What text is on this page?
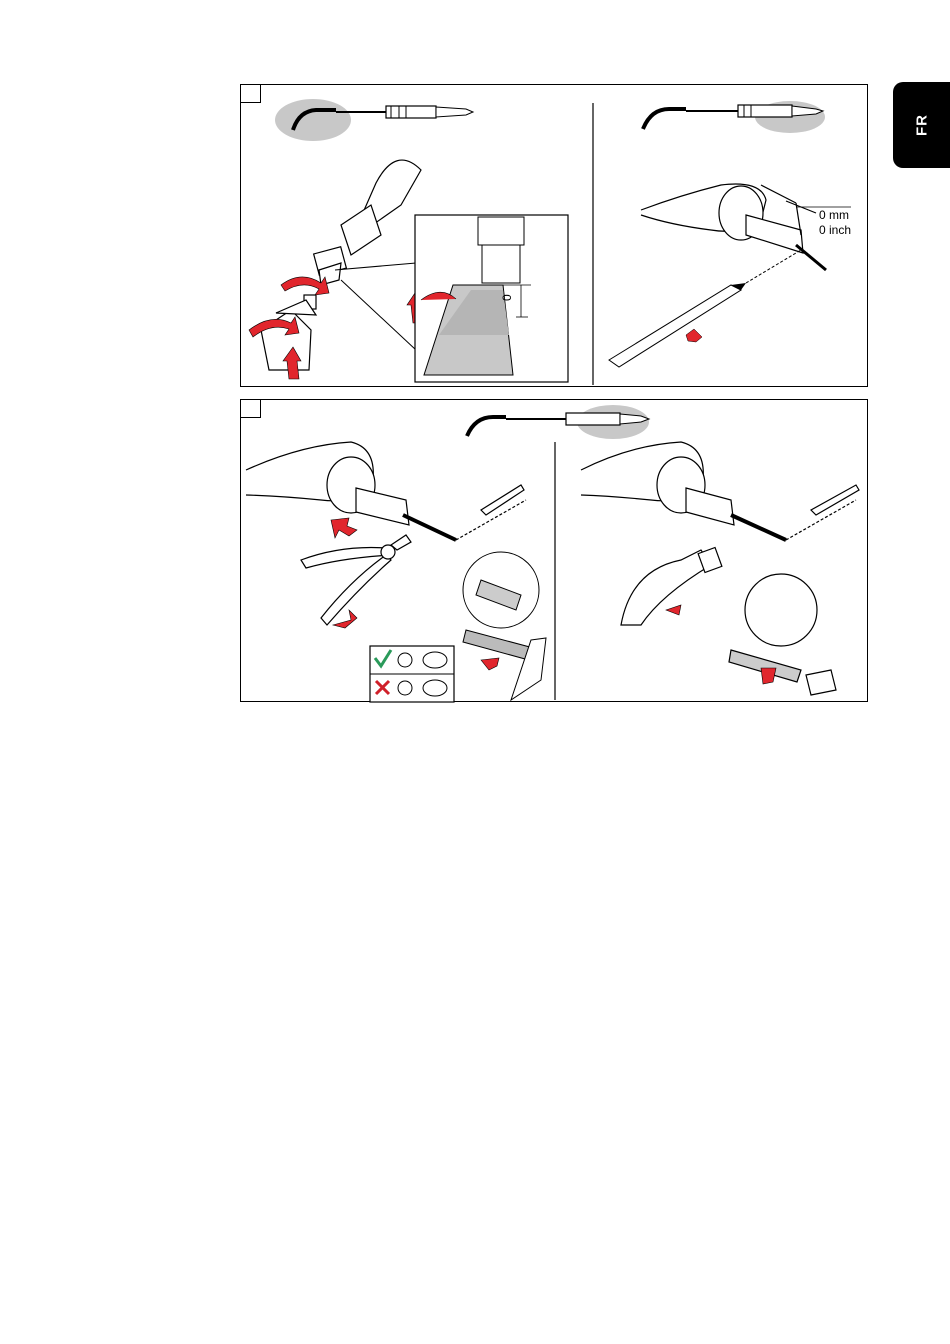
FR
0
0 mm
0 inch
